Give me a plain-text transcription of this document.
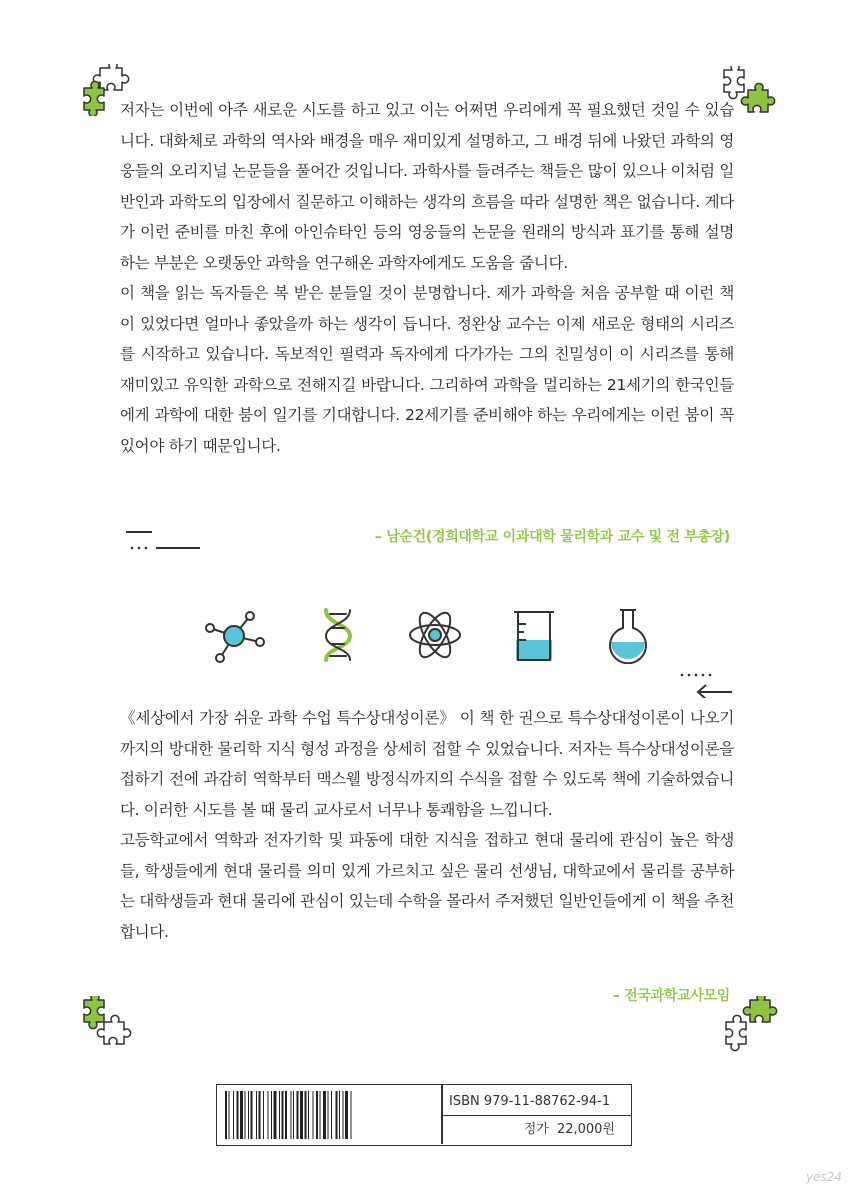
저자는 이번에 아주 새로운 시도를 하고 있고 이는 어쩌면 우리에게 꼭 필요했던 것일 수 있습니다. 대화체로 과학의 역사와 배경을 매우 재미있게 설명하고, 그 배경 뒤에 나왔던 과학의 영웅들의 오리지널 논문들을 풀어간 것입니다. 과학사를 들려주는 책들은 많이 있으나 이처럼 일반인과 과학도의 입장에서 질문하고 이해하는 생각의 흐름을 따라 설명한 책은 없습니다. 게다가 이런 준비를 마친 후에 아인슈타인 등의 영웅들의 논문을 원래의 방식과 표기를 통해 설명하는 부분은 오랫동안 과학을 연구해온 과학자에게도 도움을 줍니다.

이 책을 읽는 독자들은 복 받은 분들일 것이 분명합니다. 제가 과학을 처음 공부할 때 이런 책이 있었다면 얼마나 좋았을까 하는 생각이 듭니다. 정완상 교수는 이제 새로운 형태의 시리즈를 시작하고 있습니다. 독보적인 필력과 독자에게 다가가는 그의 친밀성이 이 시리즈를 통해 재미있고 유익한 과학으로 전해지길 바랍니다. 그리하여 과학을 멀리하는 21세기의 한국인들에게 과학에 대한 붐이 일기를 기대합니다. 22세기를 준비해야 하는 우리에게는 이런 붐이 꼭 있어야 하기 때문입니다.

– 남순건(경희대학교 이과대학 물리학과 교수 및 전 부총장)

《세상에서 가장 쉬운 과학 수업 특수상대성이론》 이 책 한 권으로 특수상대성이론이 나오기까지의 방대한 물리학 지식 형성 과정을 상세히 접할 수 있었습니다. 저자는 특수상대성이론을 접하기 전에 과감히 역학부터 맥스웰 방정식까지의 수식을 접할 수 있도록 책에 기술하였습니다. 이러한 시도를 볼 때 물리 교사로서 너무나 통쾌함을 느낍니다.

고등학교에서 역학과 전자기학 및 파동에 대한 지식을 접하고 현대 물리에 관심이 높은 학생들, 학생들에게 현대 물리를 의미 있게 가르치고 싶은 물리 선생님, 대학교에서 물리를 공부하는 대학생들과 현대 물리에 관심이 있는데 수학을 몰라서 주저했던 일반인들에게 이 책을 추천합니다.

– 전국과학교사모임
ISBN 979-11-88762-94-1
정가 22,000원
yes24
